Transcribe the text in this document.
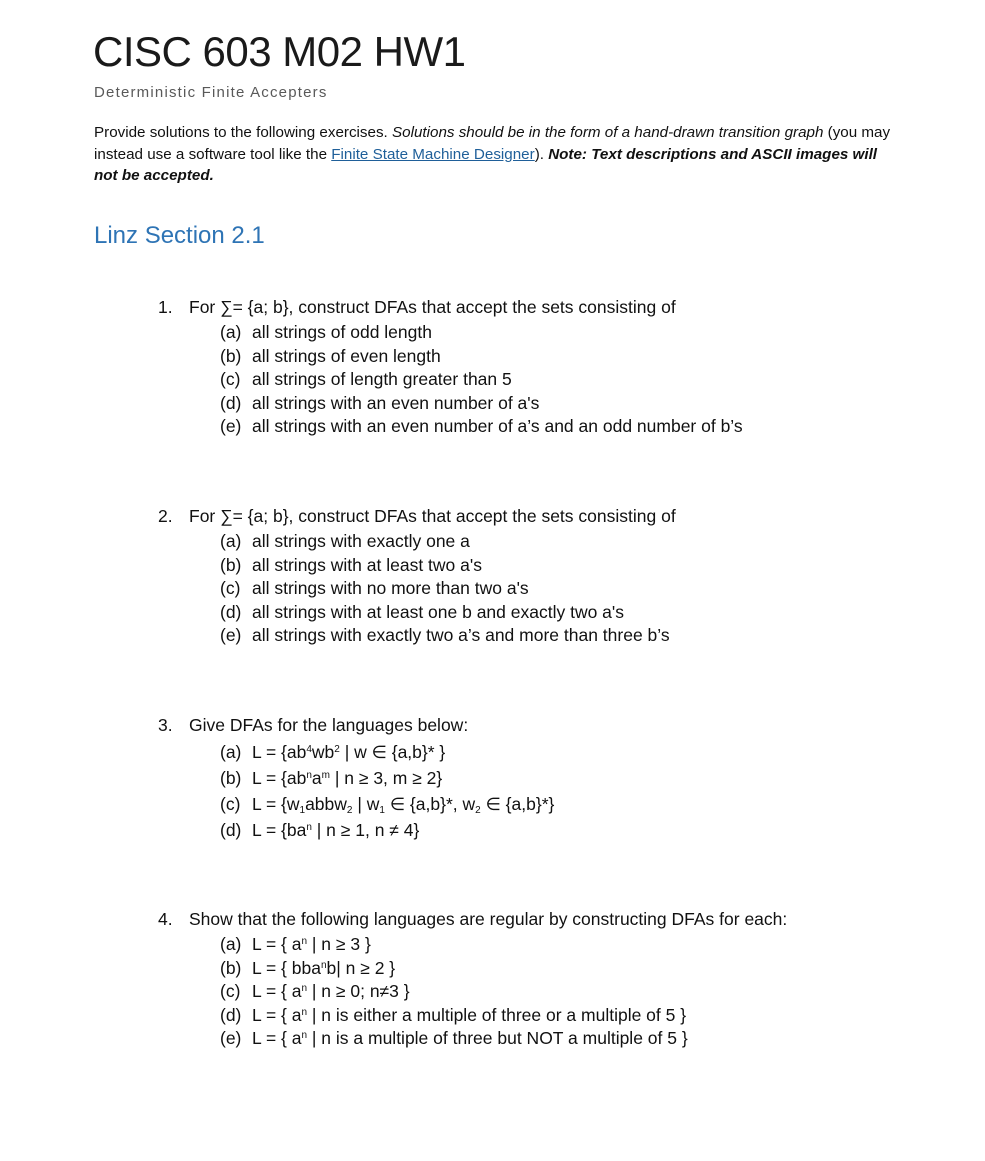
CISC 603 M02 HW1
Deterministic Finite Accepters
Provide solutions to the following exercises. Solutions should be in the form of a hand-drawn transition graph (you may instead use a software tool like the Finite State Machine Designer). Note: Text descriptions and ASCII images will not be accepted.
Linz Section 2.1
1. For ∑= {a; b}, construct DFAs that accept the sets consisting of
(a) all strings of odd length
(b) all strings of even length
(c) all strings of length greater than 5
(d) all strings with an even number of a's
(e) all strings with an even number of a’s and an odd number of b’s
2. For ∑= {a; b}, construct DFAs that accept the sets consisting of
(a) all strings with exactly one a
(b) all strings with at least two a's
(c) all strings with no more than two a's
(d) all strings with at least one b and exactly two a's
(e) all strings with exactly two a’s and more than three b’s
3. Give DFAs for the languages below:
(a) $L = \{ab^4wb^2$ | w ∈ {a,b}* }
(b) $L = \{ab^na^m$ | n ≥ 3, m ≥ 2}
(c) $L = \{w_1abbw_2$ | $w_1$ ∈ {a,b}*, $w_2$ ∈ {a,b}*}
(d) $L = \{ba^n$ | n ≥ 1, n ≠ 4}
4. Show that the following languages are regular by constructing DFAs for each:
(a) L = { $a^n$ | n ≥ 3 }
(b) L = { bba$^n$b| n ≥ 2 }
(c) L = { $a^n$ | n ≥ 0; n≠3 }
(d) L = { $a^n$ | n is either a multiple of three or a multiple of 5 }
(e) L = { $a^n$ | n is a multiple of three but NOT a multiple of 5 }
